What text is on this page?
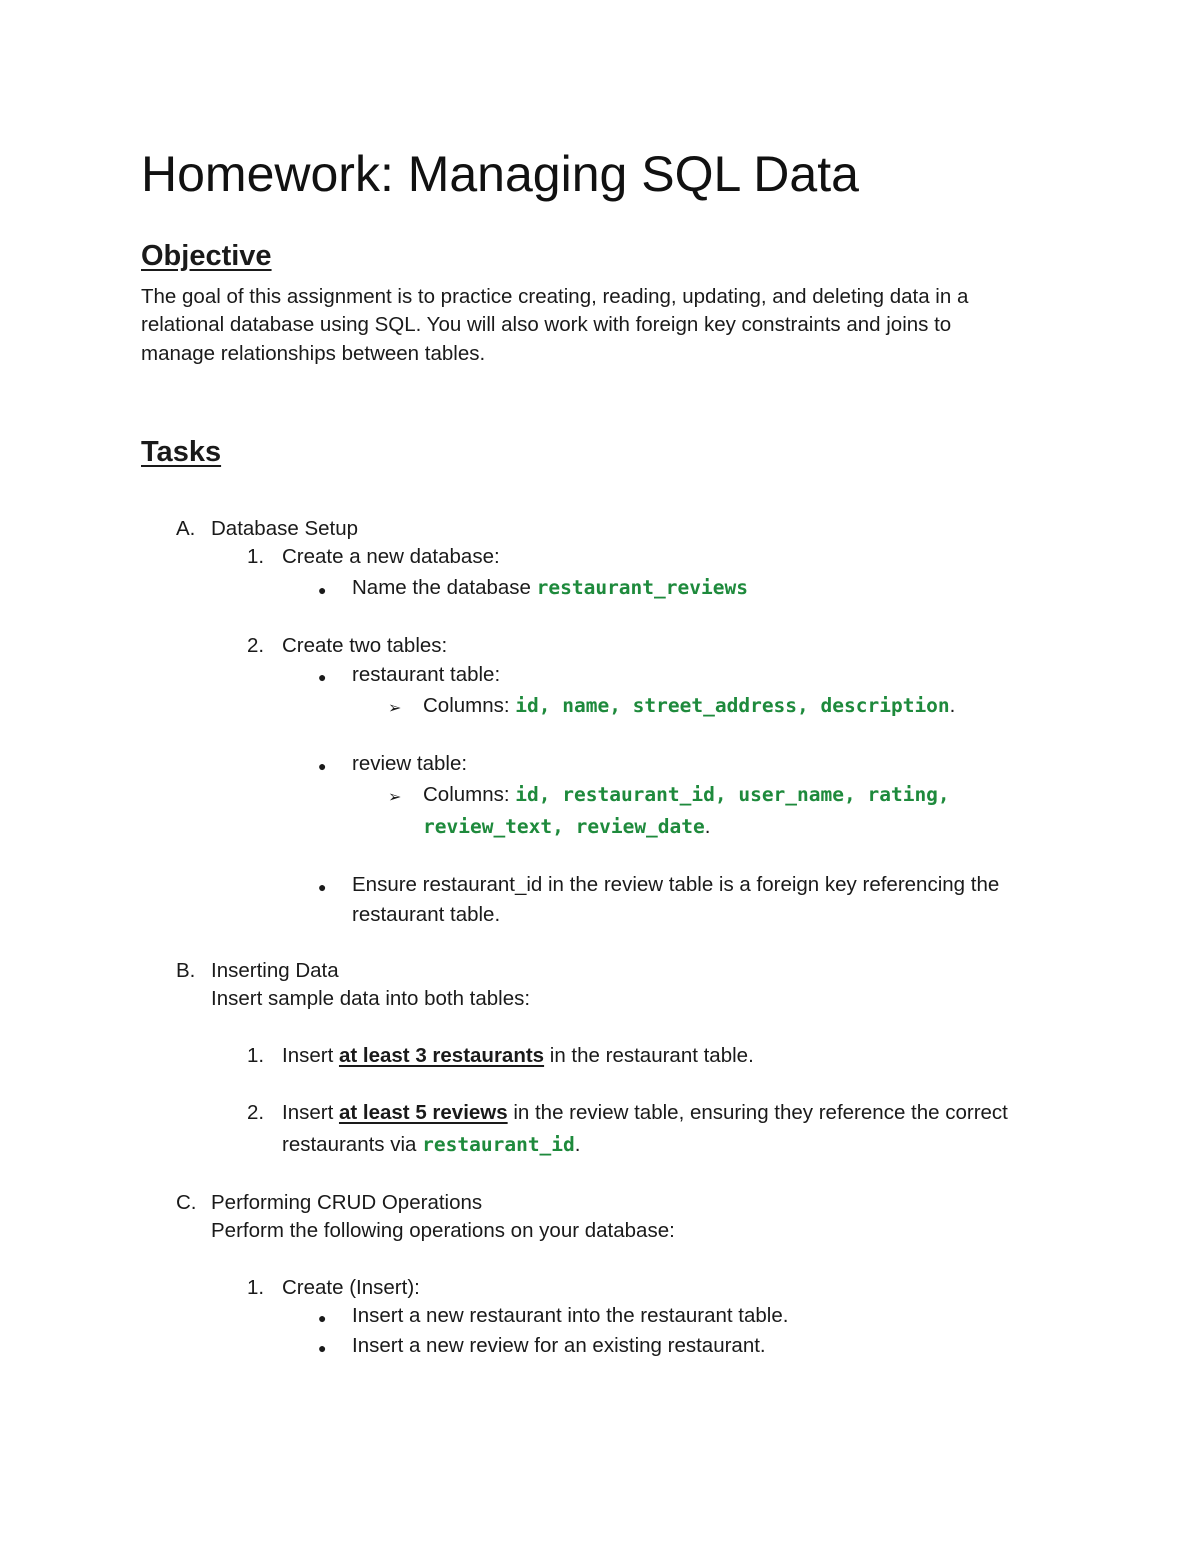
Homework: Managing SQL Data
Objective
The goal of this assignment is to practice creating, reading, updating, and deleting data in a
relational database using SQL. You will also work with foreign key constraints and joins to
manage relationships between tables.
Tasks
A. Database Setup
1. Create a new database:
● Name the database restaurant_reviews
2. Create two tables:
● restaurant table:
➢ Columns: id, name, street_address, description.
● review table:
➢ Columns: id, restaurant_id, user_name, rating,
review_text, review_date.
● Ensure restaurant_id in the review table is a foreign key referencing the
restaurant table.
B. Inserting Data
Insert sample data into both tables:
1. Insert at least 3 restaurants in the restaurant table.
2. Insert at least 5 reviews in the review table, ensuring they reference the correct
restaurants via restaurant_id.
C. Performing CRUD Operations
Perform the following operations on your database:
1. Create (Insert):
● Insert a new restaurant into the restaurant table.
● Insert a new review for an existing restaurant.
